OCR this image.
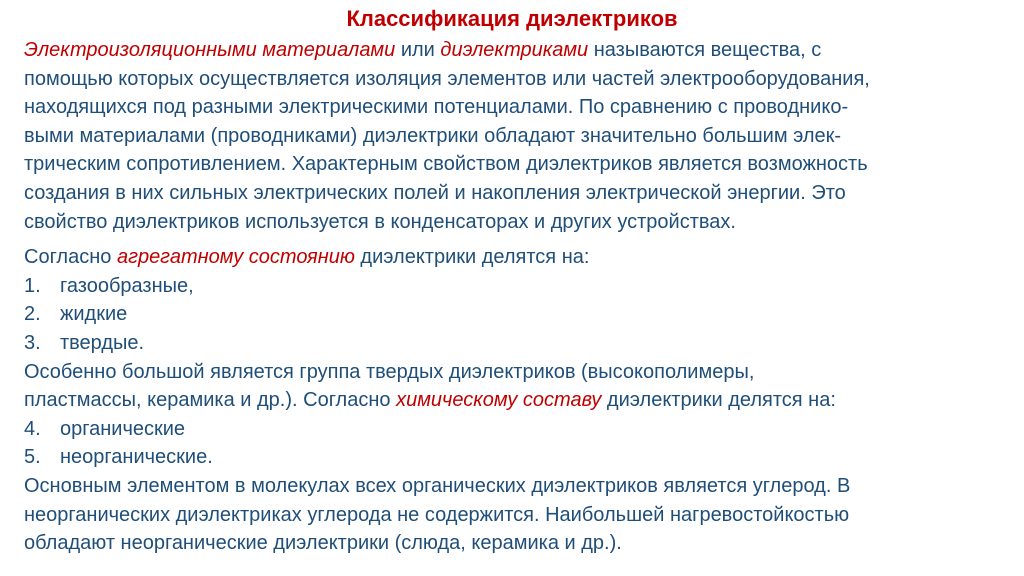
Классификация диэлектриков

Электроизоляционными материалами или диэлектриками называются вещества, с

помощью которых осуществляется изоляция элементов или частей электрооборудования,

находящихся под разными электрическими потенциалами. По сравнению с проводнико-

выми материалами (проводниками) диэлектрики обладают значительно большим элек-

трическим сопротивлением. Характерным свойством диэлектриков является возможность

создания в них сильных электрических полей и накопления электрической энергии. Это

свойство диэлектриков используется в конденсаторах и других устройствах.

Согласно агрегатному состоянию диэлектрики делятся на:

1. газообразные,
2. жидкие
3. твердые.

Особенно большой является группа твердых диэлектриков (высокополимеры,

пластмассы, керамика и др.). Согласно химическому составу диэлектрики делятся на:

4. органические
5. неорганические.

Основным элементом в молекулах всех органических диэлектриков является углерод. В

неорганических диэлектриках углерода не содержится. Наибольшей нагревостойкостью

обладают неорганические диэлектрики (слюда, керамика и др.).
